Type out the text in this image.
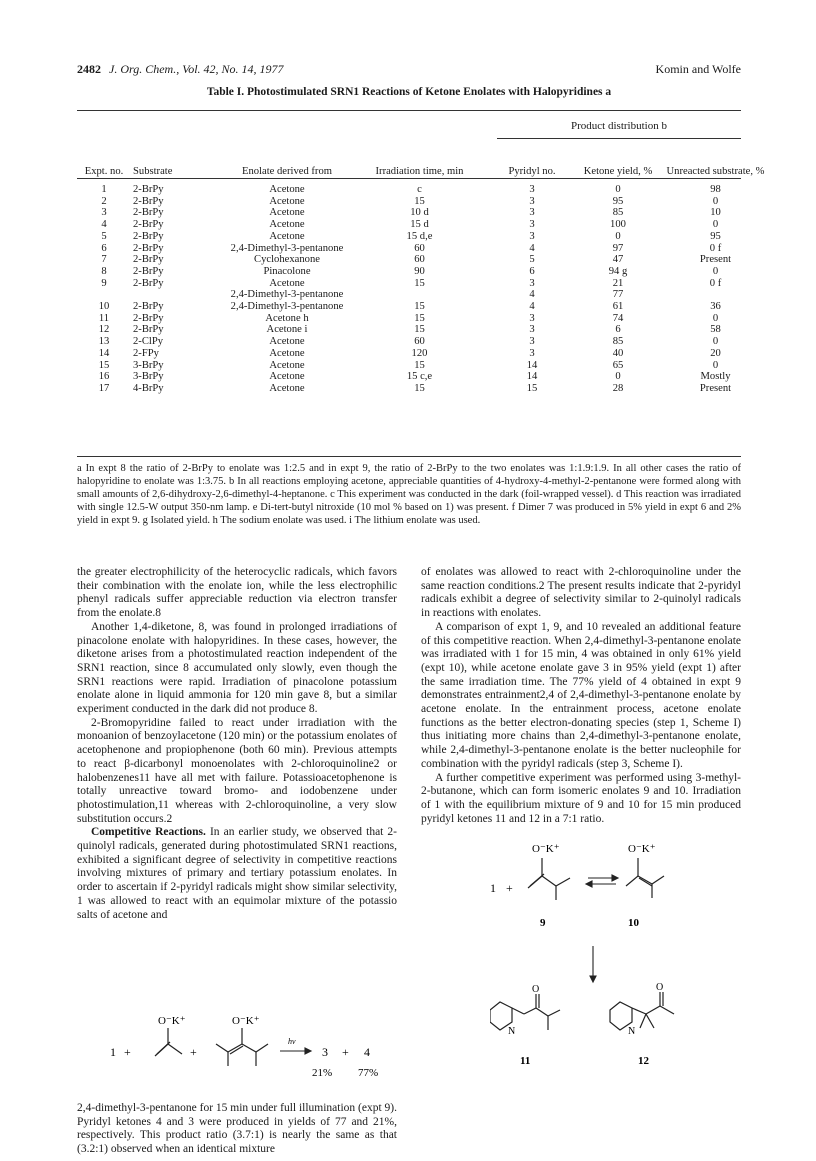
2482 J. Org. Chem., Vol. 42, No. 14, 1977	Komin and Wolfe
Table I. Photostimulated SRN1 Reactions of Ketone Enolates with Halopyridines a
Product distribution b
Expt. no.	Substrate	Enolate derived from	Irradiation time, min	Pyridyl no.	Ketone yield, %	Unreacted substrate, %
1	2-BrPy	Acetone	c	3	0	98
2	2-BrPy	Acetone	15	3	95	0
3	2-BrPy	Acetone	10 d	3	85	10
4	2-BrPy	Acetone	15 d	3	100	0
5	2-BrPy	Acetone	15 d,e	3	0	95
6	2-BrPy	2,4-Dimethyl-3-pentanone	60	4	97	0 f
7	2-BrPy	Cyclohexanone	60	5	47	Present
8	2-BrPy	Pinacolone	90	6	94 g	0
9	2-BrPy	Acetone	15	3	21	0 f
		2,4-Dimethyl-3-pentanone		4	77	
10	2-BrPy	2,4-Dimethyl-3-pentanone	15	4	61	36
11	2-BrPy	Acetone h	15	3	74	0
12	2-BrPy	Acetone i	15	3	6	58
13	2-ClPy	Acetone	60	3	85	0
14	2-FPy	Acetone	120	3	40	20
15	3-BrPy	Acetone	15	14	65	0
16	3-BrPy	Acetone	15 c,e	14	0	Mostly
17	4-BrPy	Acetone	15	15	28	Present
a In expt 8 the ratio of 2-BrPy to enolate was 1:2.5 and in expt 9, the ratio of 2-BrPy to the two enolates was 1:1.9:1.9. In all other cases the ratio of halopyridine to enolate was 1:3.75. b In all reactions employing acetone, appreciable quantities of 4-hydroxy-4-methyl-2-pentanone were formed along with small amounts of 2,6-dihydroxy-2,6-dimethyl-4-heptanone. c This experiment was conducted in the dark (foil-wrapped vessel). d This reaction was irradiated with single 12.5-W output 350-nm lamp. e Di-tert-butyl nitroxide (10 mol % based on 1) was present. f Dimer 7 was produced in 5% yield in expt 6 and 2% yield in expt 9. g Isolated yield. h The sodium enolate was used. i The lithium enolate was used.

the greater electrophilicity of the heterocyclic radicals, which favors their combination with the enolate ion, while the less electrophilic phenyl radicals suffer appreciable reduction via electron transfer from the enolate.8

Another 1,4-diketone, 8, was found in prolonged irradiations of pinacolone enolate with halopyridines. In these cases, however, the diketone arises from a photostimulated reaction independent of the SRN1 reaction, since 8 accumulated only slowly, even though the SRN1 reactions were rapid. Irradiation of pinacolone potassium enolate alone in liquid ammonia for 120 min gave 8, but a similar experiment conducted in the dark did not produce 8.

2-Bromopyridine failed to react under irradiation with the monoanion of benzoylacetone (120 min) or the potassium enolates of acetophenone and propiophenone (both 60 min). Previous attempts to react β-dicarbonyl monoenolates with 2-chloroquinoline2 or halobenzenes11 have all met with failure. Potassioacetophenone is totally unreactive toward bromo- and iodobenzene under photostimulation,11 whereas with 2-chloroquinoline, a very slow substitution occurs.2

Competitive Reactions. In an earlier study, we observed that 2-quinolyl radicals, generated during photostimulated SRN1 reactions, exhibited a significant degree of selectivity in competitive reactions involving mixtures of primary and tertiary potassium enolates. In order to ascertain if 2-pyridyl radicals might show similar selectivity, 1 was allowed to react with an equimolar mixture of the potassio salts of acetone and

1 +
O⁻K⁺
+
O⁻K⁺
hν
3 + 4
21% 77%

2,4-dimethyl-3-pentanone for 15 min under full illumination (expt 9). Pyridyl ketones 4 and 3 were produced in yields of 77 and 21%, respectively. This product ratio (3.7:1) is nearly the same as that (3.2:1) observed when an identical mixture

of enolates was allowed to react with 2-chloroquinoline under the same reaction conditions.2 The present results indicate that 2-pyridyl radicals exhibit a degree of selectivity similar to 2-quinolyl radicals in reactions with enolates.

A comparison of expt 1, 9, and 10 revealed an additional feature of this competitive reaction. When 2,4-dimethyl-3-pentanone enolate was irradiated with 1 for 15 min, 4 was obtained in only 61% yield (expt 10), while acetone enolate gave 3 in 95% yield (expt 1) after the same irradiation time. The 77% yield of 4 obtained in expt 9 demonstrates entrainment2,4 of 2,4-dimethyl-3-pentanone enolate by acetone enolate. In the entrainment process, acetone enolate functions as the better electron-donating species (step 1, Scheme I) thus initiating more chains than 2,4-dimethyl-3-pentanone enolate, while 2,4-dimethyl-3-pentanone enolate is the better nucleophile for combination with the pyridyl radicals (step 3, Scheme I).

A further competitive experiment was performed using 3-methyl-2-butanone, which can form isomeric enolates 9 and 10. Irradiation of 1 with the equilibrium mixture of 9 and 10 for 15 min produced pyridyl ketones 11 and 12 in a 7:1 ratio.

1 +
O⁻K⁺
9
O⁻K⁺
10
O
N
11
O
N
12
